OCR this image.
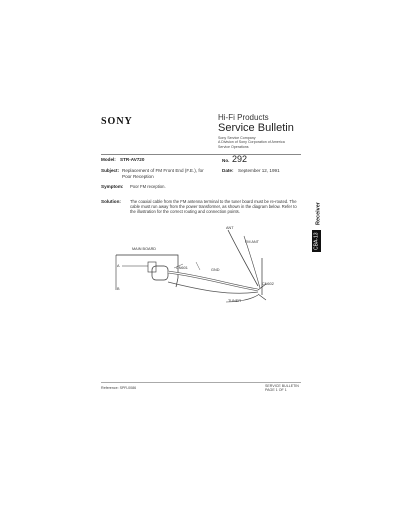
SONY	Hi-Fi Products
Service Bulletin
Sony Service Company
A Division of Sony Corporation of America
Service Operations
Model: STR-AV720	No. 292
Subject: Replacement of FM Front End (F.E.), for Poor Reception
Date: September 12, 1991
Symptom: Poor FM reception.
Solution: The coaxial cable from the FM antenna terminal to the tuner board must be re-routed. The cable must run away from the power transformer, as shown in the diagram below. Refer to the illustration for the correct routing and connection points.	Receiver
CBA-13
MAIN BOARD
A
B
CN601
CN602
GND
FM ANT
ANT
TUNER
Reference: SPR-0086	SERVICE BULLETIN
PAGE 1 OF 1
